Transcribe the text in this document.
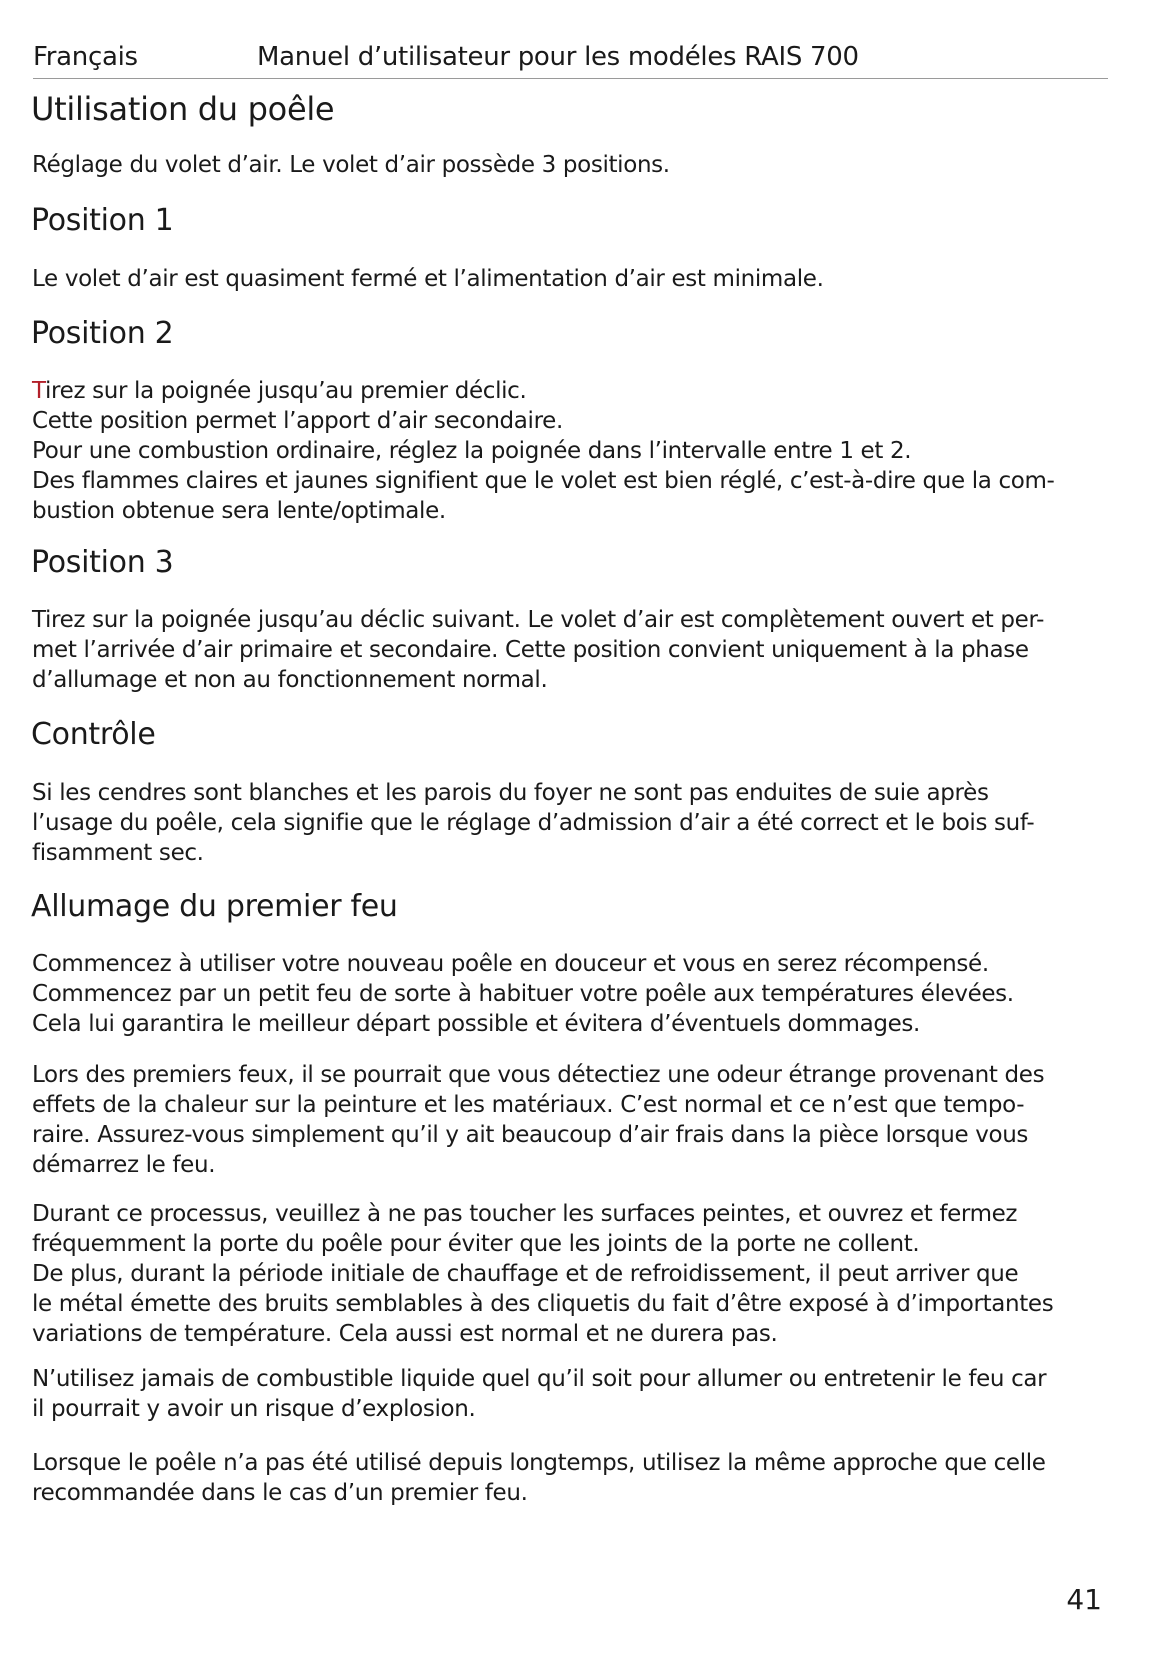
Français	Manuel d’utilisateur pour les modéles RAIS 700
Utilisation du poêle

Réglage du volet d’air. Le volet d’air possède 3 positions.

Position 1

Le volet d’air est quasiment fermé et l’alimentation d’air est minimale.

Position 2

Tirez sur la poignée jusqu’au premier déclic.
Cette position permet l’apport d’air secondaire.
Pour une combustion ordinaire, réglez la poignée dans l’intervalle entre 1 et 2.
Des flammes claires et jaunes signifient que le volet est bien réglé, c’est-à-dire que la com-
bustion obtenue sera lente/optimale.

Position 3

Tirez sur la poignée jusqu’au déclic suivant. Le volet d’air est complètement ouvert et per-
met l’arrivée d’air primaire et secondaire. Cette position convient uniquement à la phase
d’allumage et non au fonctionnement normal.

Contrôle

Si les cendres sont blanches et les parois du foyer ne sont pas enduites de suie après
l’usage du poêle, cela signifie que le réglage d’admission d’air a été correct et le bois suf-
fisamment sec.

Allumage du premier feu

Commencez à utiliser votre nouveau poêle en douceur et vous en serez récompensé.
Commencez par un petit feu de sorte à habituer votre poêle aux températures élevées.
Cela lui garantira le meilleur départ possible et évitera d’éventuels dommages.

Lors des premiers feux, il se pourrait que vous détectiez une odeur étrange provenant des
effets de la chaleur sur la peinture et les matériaux. C’est normal et ce n’est que tempo-
raire. Assurez-vous simplement qu’il y ait beaucoup d’air frais dans la pièce lorsque vous
démarrez le feu.

Durant ce processus, veuillez à ne pas toucher les surfaces peintes, et ouvrez et fermez
fréquemment la porte du poêle pour éviter que les joints de la porte ne collent.
De plus, durant la période initiale de chauffage et de refroidissement, il peut arriver que
le métal émette des bruits semblables à des cliquetis du fait d’être exposé à d’importantes
variations de température. Cela aussi est normal et ne durera pas.

N’utilisez jamais de combustible liquide quel qu’il soit pour allumer ou entretenir le feu car
il pourrait y avoir un risque d’explosion.

Lorsque le poêle n’a pas été utilisé depuis longtemps, utilisez la même approche que celle
recommandée dans le cas d’un premier feu.

41
